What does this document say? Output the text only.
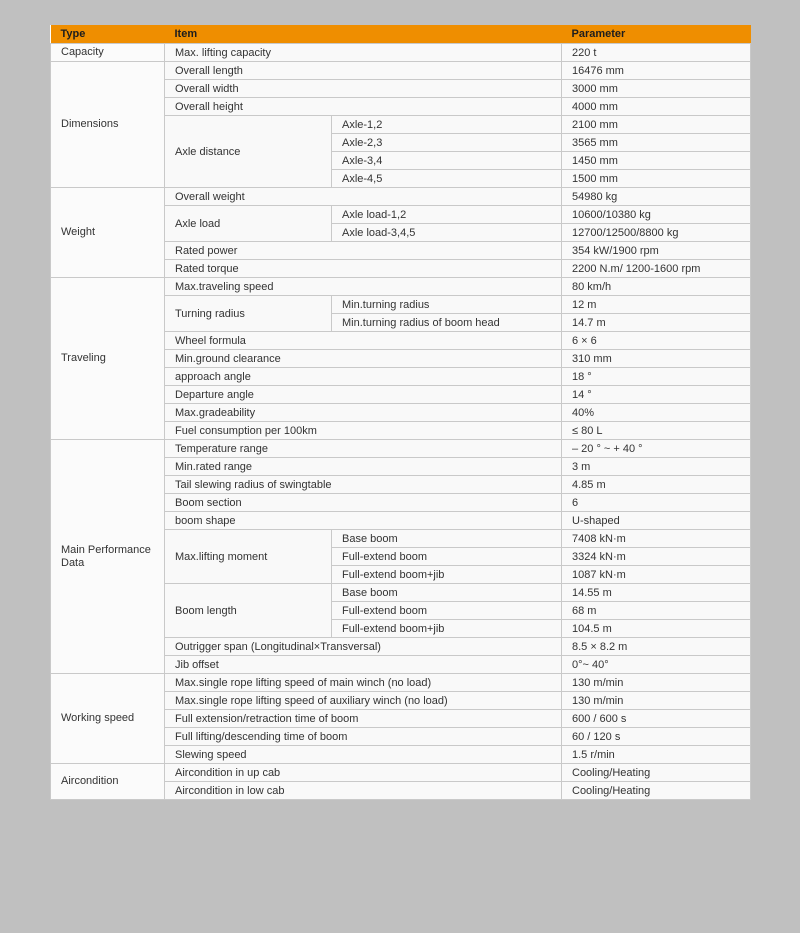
Type	Item		Parameter
Capacity	Max. lifting capacity		220 t
Dimensions	Overall length		16476 mm
	Overall width		3000 mm
	Overall height		4000 mm
	Axle distance	Axle-1,2	2100 mm
		Axle-2,3	3565 mm
		Axle-3,4	1450 mm
		Axle-4,5	1500 mm
Weight	Overall weight		54980 kg
	Axle load	Axle load-1,2	10600/10380 kg
		Axle load-3,4,5	12700/12500/8800 kg
	Rated power		354 kW/1900 rpm
	Rated torque		2200 N.m/ 1200-1600 rpm
Traveling	Max.traveling speed		80 km/h
	Turning radius	Min.turning radius	12 m
		Min.turning radius of boom head	14.7 m
	Wheel formula		6 × 6
	Min.ground clearance		310 mm
	approach angle		18 °
	Departure angle		14 °
	Max.gradeability		40%
	Fuel consumption per 100km		≤ 80 L
Main Performance Data	Temperature range		– 20 ° ~ + 40 °
	Min.rated range		3 m
	Tail slewing radius of swingtable		4.85 m
	Boom section		6
	boom shape		U-shaped
	Max.lifting moment	Base boom	7408 kN·m
		Full-extend boom	3324 kN·m
		Full-extend boom+jib	1087 kN·m
	Boom length	Base boom	14.55 m
		Full-extend boom	68 m
		Full-extend boom+jib	104.5 m
	Outrigger span (Longitudinal×Transversal)		8.5 × 8.2 m
	Jib offset		0°~ 40°
Working speed	Max.single rope lifting speed of main winch (no load)		130 m/min
	Max.single rope lifting speed of auxiliary winch (no load)		130 m/min
	Full extension/retraction time of boom		600 / 600 s
	Full lifting/descending time of boom		60 / 120 s
	Slewing speed		1.5 r/min
Aircondition	Aircondition in up cab		Cooling/Heating
	Aircondition in low cab		Cooling/Heating
